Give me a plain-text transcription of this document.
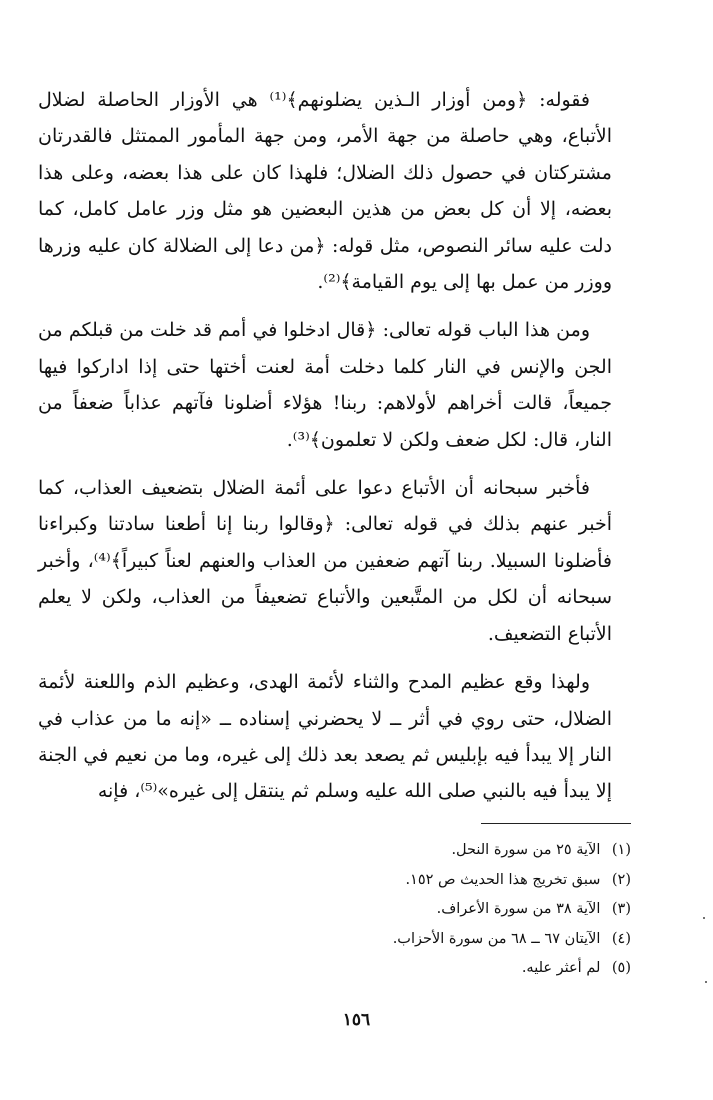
فقوله: ﴿ومن أوزار الـذين يضلونهم﴾⁽¹⁾ هي الأوزار الحاصلة لضلال الأتباع، وهي حاصلة من جهة الأمر، ومن جهة المأمور الممتثل فالقدرتان مشتركتان في حصول ذلك الضلال؛ فلهذا كان على هذا بعضه، وعلى هذا بعضه، إلا أن كل بعض من هذين البعضين هو مثل وزر عامل كامل، كما دلت عليه سائر النصوص، مثل قوله: ﴿من دعا إلى الضلالة كان عليه وزرها ووزر من عمل بها إلى يوم القيامة﴾⁽²⁾.

ومن هذا الباب قوله تعالى: ﴿قال ادخلوا في أمم قد خلت من قبلكم من الجن والإنس في النار كلما دخلت أمة لعنت أختها حتى إذا اداركوا فيها جميعاً، قالت أخراهم لأولاهم: ربنا! هؤلاء أضلونا فآتهم عذاباً ضعفاً من النار، قال: لكل ضعف ولكن لا تعلمون﴾⁽³⁾.

فأخبر سبحانه أن الأتباع دعوا على أئمة الضلال بتضعيف العذاب، كما أخبر عنهم بذلك في قوله تعالى: ﴿وقالوا ربنا إنا أطعنا سادتنا وكبراءنا فأضلونا السبيلا. ربنا آتهم ضعفين من العذاب والعنهم لعناً كبيراً﴾⁽⁴⁾، وأخبر سبحانه أن لكل من المتَّبعين والأتباع تضعيفاً من العذاب، ولكن لا يعلم الأتباع التضعيف.

ولهذا وقع عظيم المدح والثناء لأئمة الهدى، وعظيم الذم واللعنة لأئمة الضلال، حتى روي في أثر ــ لا يحضرني إسناده ــ «إنه ما من عذاب في النار إلا يبدأ فيه بإبليس ثم يصعد بعد ذلك إلى غيره، وما من نعيم في الجنة إلا يبدأ فيه بالنبي صلى الله عليه وسلم ثم ينتقل إلى غيره»⁽⁵⁾، فإنه

(١) الآية ٢٥ من سورة النحل.
(٢) سبق تخريج هذا الحديث ص ١٥٢.
(٣) الآية ٣٨ من سورة الأعراف.
(٤) الآيتان ٦٧ ــ ٦٨ من سورة الأحزاب.
(٥) لم أعثر عليه.
١٥٦
